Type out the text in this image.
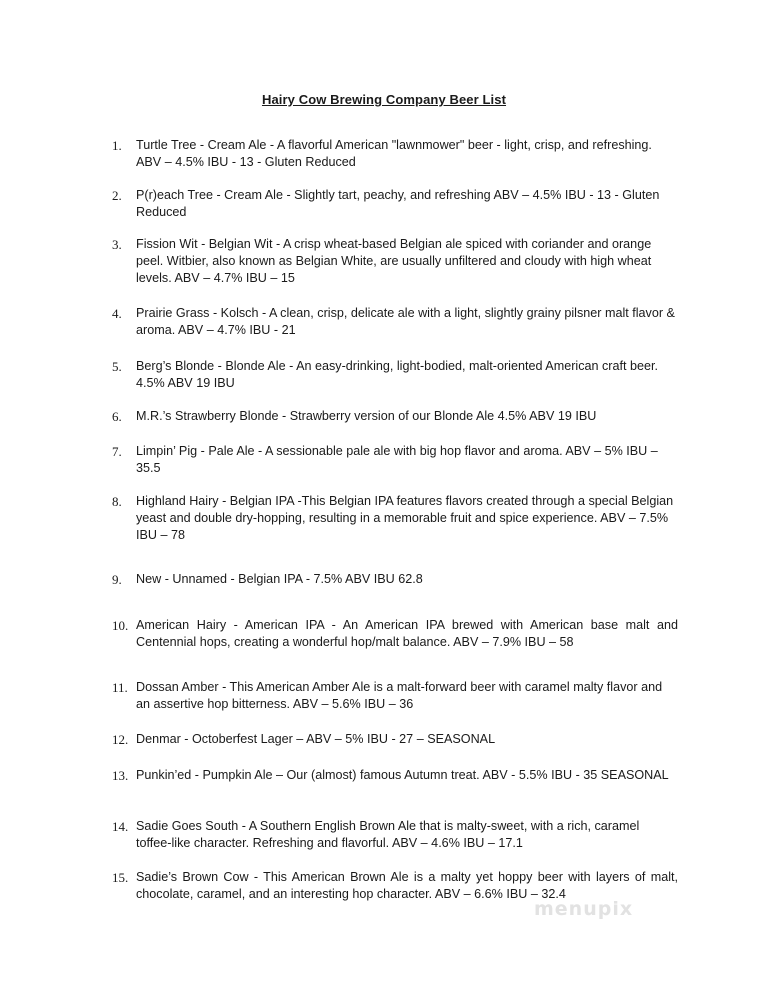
Hairy Cow Brewing Company Beer List
1. Turtle Tree - Cream Ale - A flavorful American "lawnmower" beer - light, crisp, and refreshing. ABV – 4.5% IBU - 13 - Gluten Reduced
2. P(r)each Tree - Cream Ale - Slightly tart, peachy, and refreshing ABV – 4.5% IBU - 13 - Gluten Reduced
3. Fission Wit - Belgian Wit - A crisp wheat-based Belgian ale spiced with coriander and orange peel. Witbier, also known as Belgian White, are usually unfiltered and cloudy with high wheat levels. ABV – 4.7% IBU – 15
4. Prairie Grass - Kolsch - A clean, crisp, delicate ale with a light, slightly grainy pilsner malt flavor & aroma. ABV – 4.7% IBU - 21
5. Berg’s Blonde - Blonde Ale - An easy-drinking, light-bodied, malt-oriented American craft beer. 4.5% ABV 19 IBU
6. M.R.’s Strawberry Blonde - Strawberry version of our Blonde Ale 4.5% ABV 19 IBU
7. Limpin’ Pig - Pale Ale - A sessionable pale ale with big hop flavor and aroma. ABV – 5% IBU – 35.5
8. Highland Hairy - Belgian IPA -This Belgian IPA features flavors created through a special Belgian yeast and double dry-hopping, resulting in a memorable fruit and spice experience. ABV – 7.5% IBU – 78
9. New - Unnamed - Belgian IPA - 7.5% ABV IBU 62.8
10. American Hairy - American IPA - An American IPA brewed with American base malt and Centennial hops, creating a wonderful hop/malt balance. ABV – 7.9% IBU – 58
11. Dossan Amber - This American Amber Ale is a malt-forward beer with caramel malty flavor and an assertive hop bitterness. ABV – 5.6% IBU – 36
12. Denmar - Octoberfest Lager – ABV – 5% IBU - 27 – SEASONAL
13. Punkin’ed - Pumpkin Ale – Our (almost) famous Autumn treat. ABV - 5.5% IBU - 35 SEASONAL
14. Sadie Goes South - A Southern English Brown Ale that is malty-sweet, with a rich, caramel toffee-like character. Refreshing and flavorful. ABV – 4.6% IBU – 17.1
15. Sadie’s Brown Cow - This American Brown Ale is a malty yet hoppy beer with layers of malt, chocolate, caramel, and an interesting hop character. ABV – 6.6% IBU – 32.4
menupix
